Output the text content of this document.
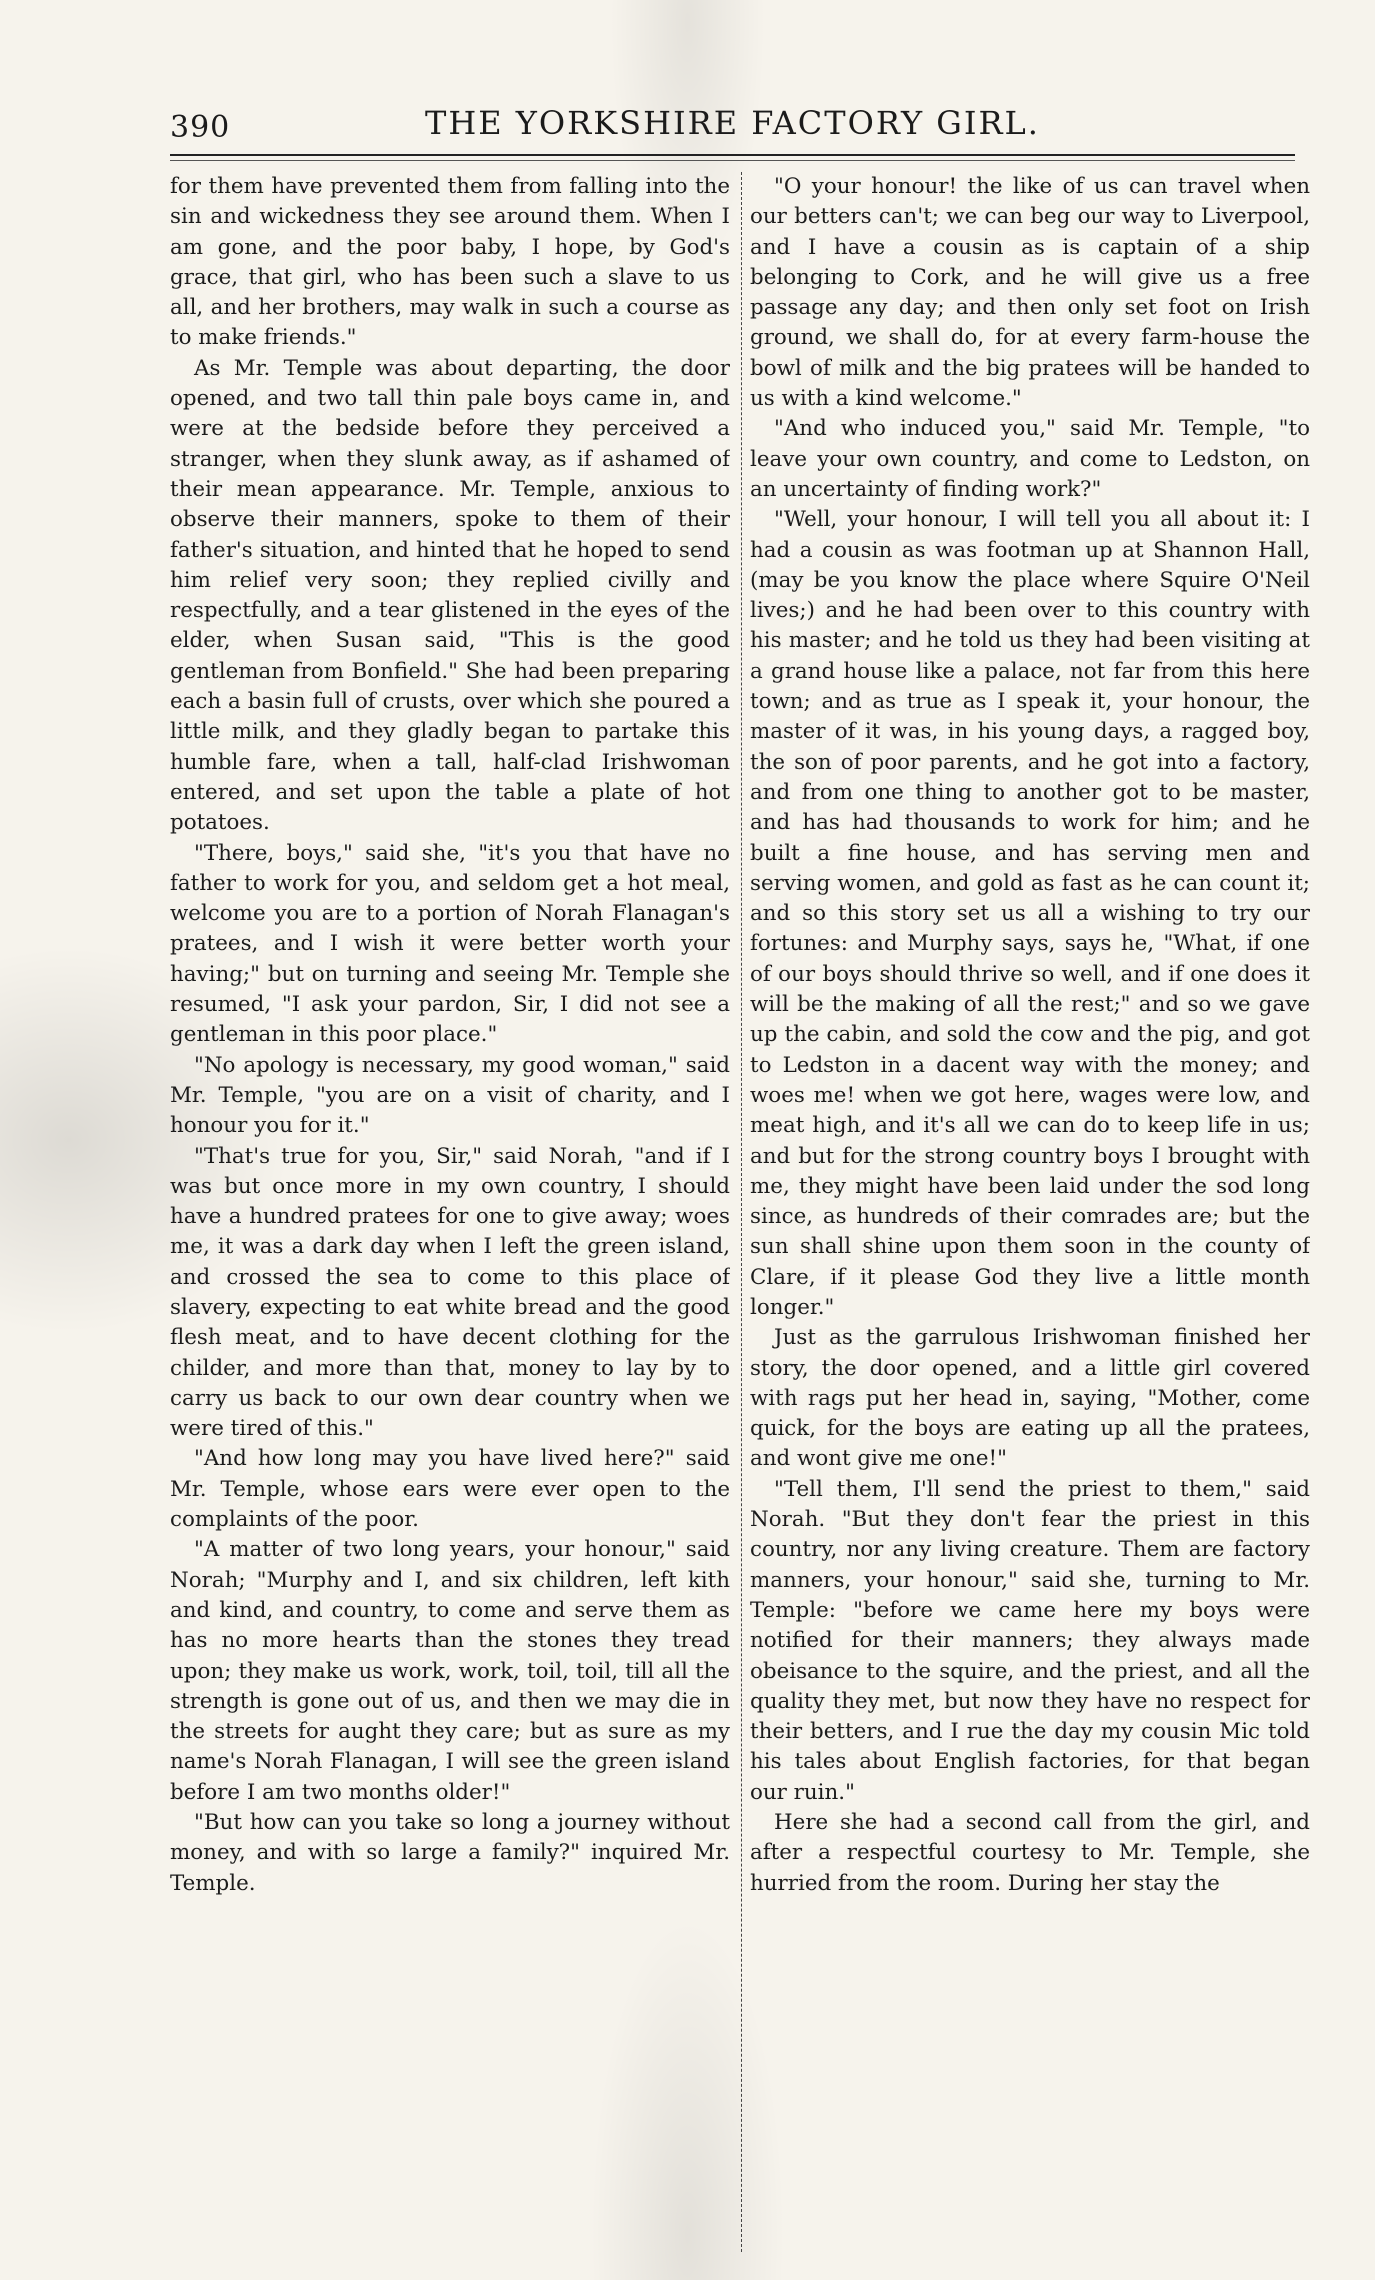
390	THE YORKSHIRE FACTORY GIRL.

for them have prevented them from falling into the sin and wickedness they see around them. When I am gone, and the poor baby, I hope, by God's grace, that girl, who has been such a slave to us all, and her brothers, may walk in such a course as to make friends."

As Mr. Temple was about departing, the door opened, and two tall thin pale boys came in, and were at the bedside before they perceived a stranger, when they slunk away, as if ashamed of their mean appearance. Mr. Temple, anxious to observe their manners, spoke to them of their father's situation, and hinted that he hoped to send him relief very soon; they replied civilly and respectfully, and a tear glistened in the eyes of the elder, when Susan said, "This is the good gentleman from Bonfield." She had been preparing each a basin full of crusts, over which she poured a little milk, and they gladly began to partake this humble fare, when a tall, half-clad Irishwoman entered, and set upon the table a plate of hot potatoes.

"There, boys," said she, "it's you that have no father to work for you, and seldom get a hot meal, welcome you are to a portion of Norah Flanagan's pratees, and I wish it were better worth your having;" but on turning and seeing Mr. Temple she resumed, "I ask your pardon, Sir, I did not see a gentleman in this poor place."

"No apology is necessary, my good woman," said Mr. Temple, "you are on a visit of charity, and I honour you for it."

"That's true for you, Sir," said Norah, "and if I was but once more in my own country, I should have a hundred pratees for one to give away; woes me, it was a dark day when I left the green island, and crossed the sea to come to this place of slavery, expecting to eat white bread and the good flesh meat, and to have decent clothing for the childer, and more than that, money to lay by to carry us back to our own dear country when we were tired of this."

"And how long may you have lived here?" said Mr. Temple, whose ears were ever open to the complaints of the poor.

"A matter of two long years, your honour," said Norah; "Murphy and I, and six children, left kith and kind, and country, to come and serve them as has no more hearts than the stones they tread upon; they make us work, work, toil, toil, till all the strength is gone out of us, and then we may die in the streets for aught they care; but as sure as my name's Norah Flanagan, I will see the green island before I am two months older!"

"But how can you take so long a journey without money, and with so large a family?" inquired Mr. Temple.

"O your honour! the like of us can travel when our betters can't; we can beg our way to Liverpool, and I have a cousin as is captain of a ship belonging to Cork, and he will give us a free passage any day; and then only set foot on Irish ground, we shall do, for at every farm-house the bowl of milk and the big pratees will be handed to us with a kind welcome."

"And who induced you," said Mr. Temple, "to leave your own country, and come to Ledston, on an uncertainty of finding work?"

"Well, your honour, I will tell you all about it: I had a cousin as was footman up at Shannon Hall, (may be you know the place where Squire O'Neil lives;) and he had been over to this country with his master; and he told us they had been visiting at a grand house like a palace, not far from this here town; and as true as I speak it, your honour, the master of it was, in his young days, a ragged boy, the son of poor parents, and he got into a factory, and from one thing to another got to be master, and has had thousands to work for him; and he built a fine house, and has serving men and serving women, and gold as fast as he can count it; and so this story set us all a wishing to try our fortunes: and Murphy says, says he, "What, if one of our boys should thrive so well, and if one does it will be the making of all the rest;" and so we gave up the cabin, and sold the cow and the pig, and got to Ledston in a dacent way with the money; and woes me! when we got here, wages were low, and meat high, and it's all we can do to keep life in us; and but for the strong country boys I brought with me, they might have been laid under the sod long since, as hundreds of their comrades are; but the sun shall shine upon them soon in the county of Clare, if it please God they live a little month longer."

Just as the garrulous Irishwoman finished her story, the door opened, and a little girl covered with rags put her head in, saying, "Mother, come quick, for the boys are eating up all the pratees, and wont give me one!"

"Tell them, I'll send the priest to them," said Norah. "But they don't fear the priest in this country, nor any living creature. Them are factory manners, your honour," said she, turning to Mr. Temple: "before we came here my boys were notified for their manners; they always made obeisance to the squire, and the priest, and all the quality they met, but now they have no respect for their betters, and I rue the day my cousin Mic told his tales about English factories, for that began our ruin."

Here she had a second call from the girl, and after a respectful courtesy to Mr. Temple, she hurried from the room. During her stay the
